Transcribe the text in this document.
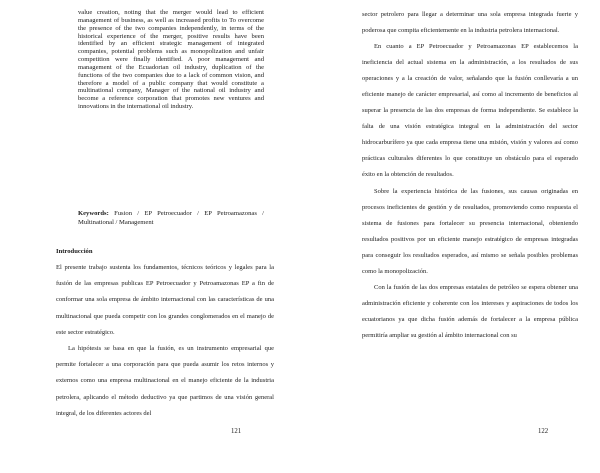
value creation, noting that the merger would lead to efficient management of business, as well as increased profits to To overcome the presence of the two companies independently, in terms of the historical experience of the merger, positive results have been identified by an efficient strategic management of integrated companies, potential problems such as monopolization and unfair competition were finally identified. A poor management and management of the Ecuadorian oil industry, duplication of the functions of the two companies due to a lack of common vision, and therefore a model of a public company that would constitute a multinational company, Manager of the national oil industry and become a reference corporation that promotes new ventures and innovations in the international oil industry.

Keywords: Fusion / EP Petroecuador / EP Petroamazonas / Multinational / Management

Introducción

El presente trabajo sustenta los fundamentos, técnicos teóricos y legales para la fusión de las empresas publicas EP Petroecuador y Petroamazonas EP a fin de conformar una sola empresa de ámbito internacional con las características de una multinacional que pueda competir con los grandes conglomerados en el manejo de este sector estratégico.

La hipótesis se basa en que la fusión, es un instrumento empresarial que permite fortalecer a una corporación para que pueda asumir los retos internos y externos como una empresa multinacional en el manejo eficiente de la industria petrolera, aplicando el método deductivo ya que partimos de una visión general integral, de los diferentes actores del

121

sector petrolero para llegar a determinar una sola empresa integrada fuerte y poderosa que compita eficientemente en la industria petrolera internacional.

En cuanto a EP Petroecuador y Petroamazonas EP establecemos la ineficiencia del actual sistema en la administración, a los resultados de sus operaciones y a la creación de valor, señalando que la fusión conllevaría a un eficiente manejo de carácter empresarial, así como al incremento de beneficios al superar la presencia de las dos empresas de forma independiente. Se establece la falta de una visión estratégica integral en la administración del sector hidrocarburífero ya que cada empresa tiene una misión, visión y valores así como prácticas culturales diferentes lo que constituye un obstáculo para el esperado éxito en la obtención de resultados.

Sobre la experiencia histórica de las fusiones, sus causas originadas en procesos ineficientes de gestión y de resultados, promoviendo como respuesta el sistema de fusiones para fortalecer su presencia internacional, obteniendo resultados positivos por un eficiente manejo estratégico de empresas integradas para conseguir los resultados esperados, así mismo se señala posibles problemas como la monopolización.

Con la fusión de las dos empresas estatales de petróleo se espera obtener una administración eficiente y coherente con los intereses y aspiraciones de todos los ecuatorianos ya que dicha fusión además de fortalecer a la empresa pública permitiría ampliar su gestión al ámbito internacional con su

122
